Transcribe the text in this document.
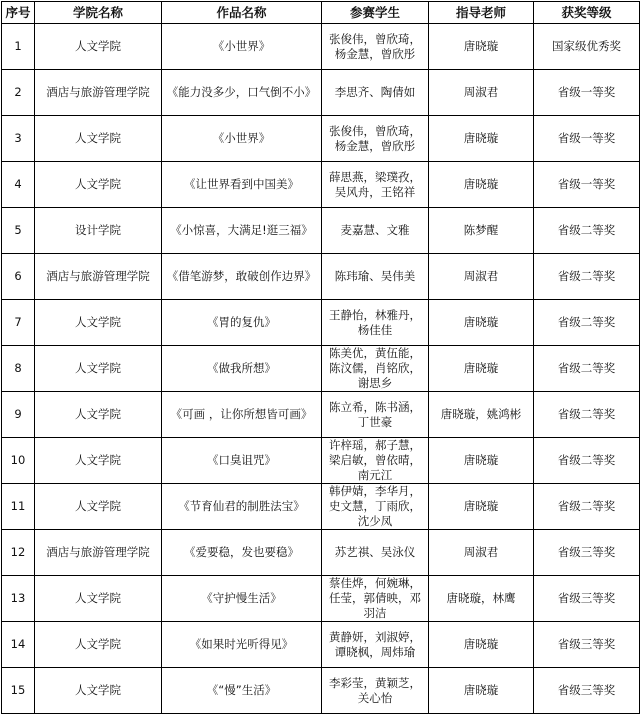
序号	学院名称	作品名称	参赛学生	指导老师	获奖等级
1	人文学院	《小世界》	张俊伟，曾欣琦，杨金慧，曾欣彤	唐晓璇	国家级优秀奖
2	酒店与旅游管理学院	《能力没多少，口气倒不小》	李思齐、陶倩如	周淑君	省级一等奖
3	人文学院	《小世界》	张俊伟，曾欣琦，杨金慧，曾欣彤	唐晓璇	省级一等奖
4	人文学院	《让世界看到中国美》	薛思燕，梁璞孜，吴风舟，王铭祥	唐晓璇	省级一等奖
5	设计学院	《小惊喜，大满足!逛三福》	麦嘉慧、文雅	陈梦醒	省级二等奖
6	酒店与旅游管理学院	《借笔游梦，敢破创作边界》	陈玮瑜、吴伟美	周淑君	省级二等奖
7	人文学院	《胃的复仇》	王静怡，林雅丹，杨佳佳	唐晓璇	省级二等奖
8	人文学院	《做我所想》	陈美优，黄伍能，陈汶儒，肖铭欣，谢思乡	唐晓璇	省级二等奖
9	人文学院	《可画 ，让你所想皆可画》	陈立希，陈书涵，丁世豪	唐晓璇，姚鸿彬	省级二等奖
10	人文学院	《口臭诅咒》	许梓瑶，郝子慧，梁启敏，曾依晴，南元江	唐晓璇	省级二等奖
11	人文学院	《节育仙君的制胜法宝》	韩伊婧，李华月，史文慧，丁雨欣，沈少凤	唐晓璇	省级二等奖
12	酒店与旅游管理学院	《爱要稳，发也要稳》	苏艺祺、吴泳仪	周淑君	省级三等奖
13	人文学院	《守护慢生活》	蔡佳烨，何婉琳，任莹，郭倩映，邓羽洁	唐晓璇，林鹰	省级三等奖
14	人文学院	《如果时光听得见》	黄静妍，刘淑婷，谭晓枫，周炜瑜	唐晓璇	省级三等奖
15	人文学院	《“慢”生活》	李彩莹，黄颖芝，关心怡	唐晓璇	省级三等奖
